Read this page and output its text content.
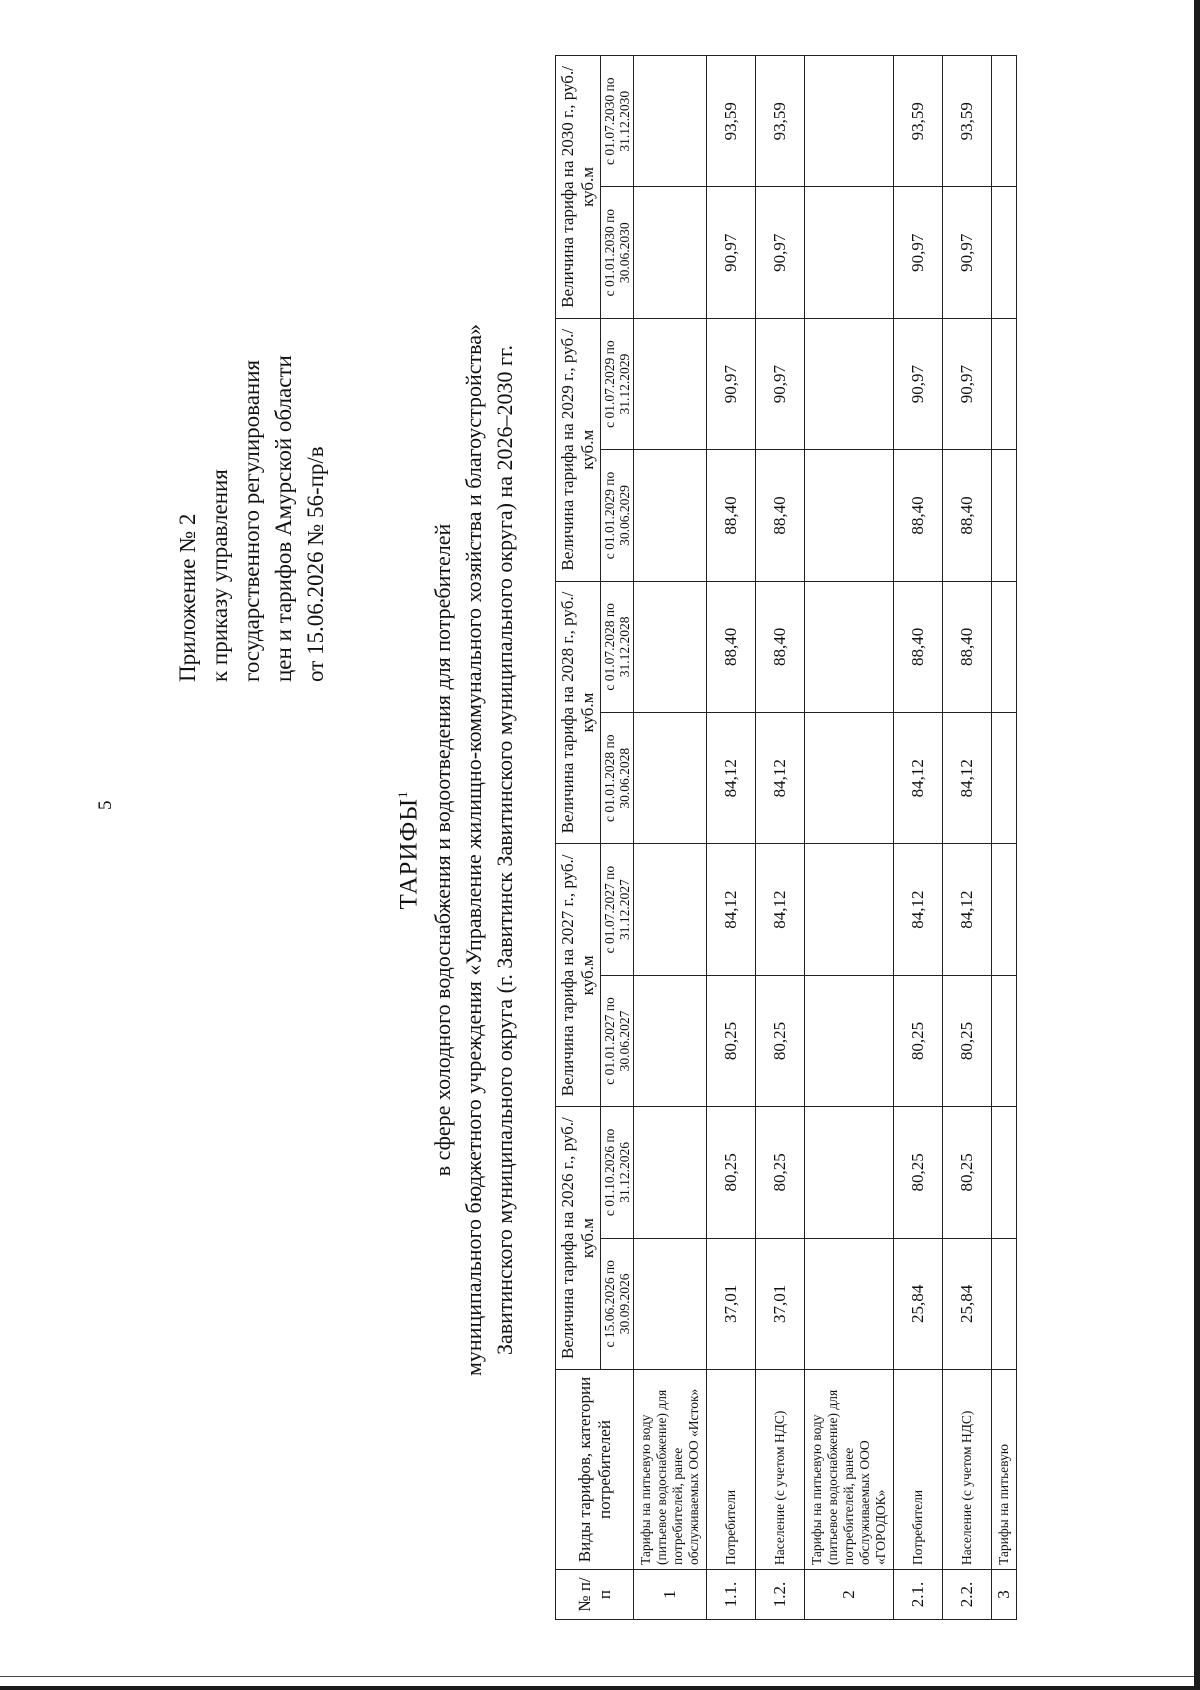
5
Приложение № 2 к приказу управления государственного регулирования цен и тарифов Амурской области от 15.06.2026 № 56-пр/в
ТАРИФЫ$^1$ в сфере холодного водоснабжения и водоотведения для потребителей муниципального бюджетного учреждения «Управление жилищно-коммунального хозяйства и благоустройства» Завитинского муниципального округа (г. Завитинск Завитинского муниципального округа) на 2026–2030 гг.
№ п/п	Виды тарифов, категории потребителей	Величина тарифа на 2026 г., руб./куб.м		Величина тарифа на 2027 г., руб./куб.м		Величина тарифа на 2028 г., руб./куб.м		Величина тарифа на 2029 г., руб./куб.м		Величина тарифа на 2030 г., руб./куб.м	
		с 15.06.2026 по 30.09.2026	с 01.10.2026 по 31.12.2026	с 01.01.2027 по 30.06.2027	с 01.07.2027 по 31.12.2027	с 01.01.2028 по 30.06.2028	с 01.07.2028 по 31.12.2028	с 01.01.2029 по 30.06.2029	с 01.07.2029 по 31.12.2029	с 01.01.2030 по 30.06.2030	с 01.07.2030 по 31.12.2030
1	Тарифы на питьевую воду (питьевое водоснабжение) для потребителей, ранее обслуживаемых ООО «Исток»										
1.1.	Потребители	37,01	80,25	80,25	84,12	84,12	88,40	88,40	90,97	90,97	93,59
1.2.	Население (с учетом НДС)	37,01	80,25	80,25	84,12	84,12	88,40	88,40	90,97	90,97	93,59
2	Тарифы на питьевую воду (питьевое водоснабжение) для потребителей, ранее обслуживаемых ООО «ГОРОДОК»										
2.1.	Потребители	25,84	80,25	80,25	84,12	84,12	88,40	88,40	90,97	90,97	93,59
2.2.	Население (с учетом НДС)	25,84	80,25	80,25	84,12	84,12	88,40	88,40	90,97	90,97	93,59
3	Тарифы на питьевую										
